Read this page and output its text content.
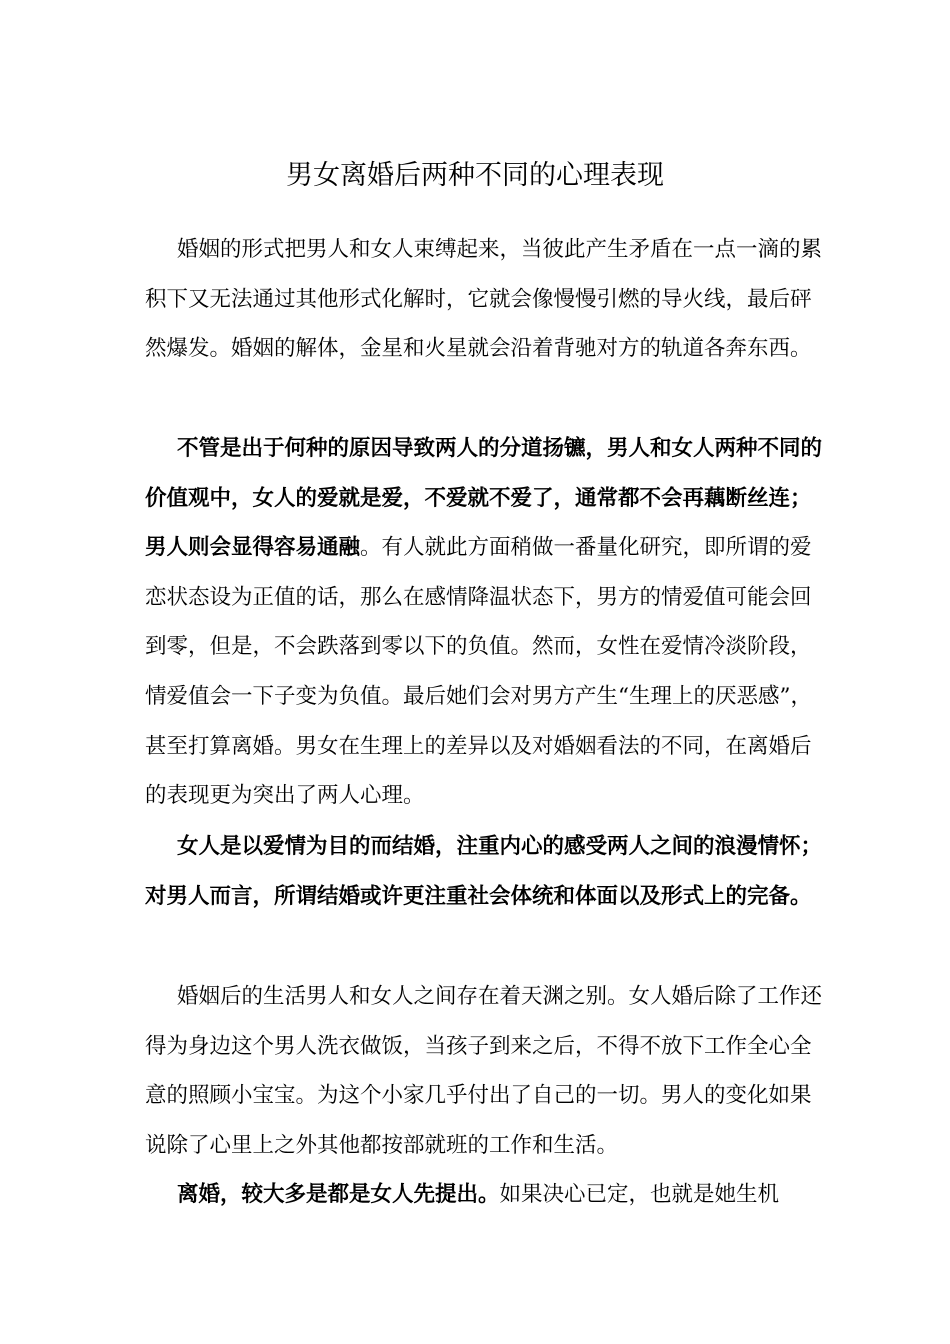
男女离婚后两种不同的心理表现

婚姻的形式把男人和女人束缚起来，当彼此产生矛盾在一点一滴的累积下又无法通过其他形式化解时，它就会像慢慢引燃的导火线，最后砰然爆发。婚姻的解体，金星和火星就会沿着背驰对方的轨道各奔东西。

不管是出于何种的原因导致两人的分道扬镳，男人和女人两种不同的价值观中，女人的爱就是爱，不爱就不爱了，通常都不会再藕断丝连；男人则会显得容易通融。有人就此方面稍做一番量化研究，即所谓的爱恋状态设为正值的话，那么在感情降温状态下，男方的情爱值可能会回到零，但是，不会跌落到零以下的负值。然而，女性在爱情冷淡阶段，情爱值会一下子变为负值。最后她们会对男方产生“生理上的厌恶感”，甚至打算离婚。男女在生理上的差异以及对婚姻看法的不同，在离婚后的表现更为突出了两人心理。

女人是以爱情为目的而结婚，注重内心的感受两人之间的浪漫情怀；对男人而言，所谓结婚或许更注重社会体统和体面以及形式上的完备。

婚姻后的生活男人和女人之间存在着天渊之别。女人婚后除了工作还得为身边这个男人洗衣做饭，当孩子到来之后，不得不放下工作全心全意的照顾小宝宝。为这个小家几乎付出了自己的一切。男人的变化如果说除了心里上之外其他都按部就班的工作和生活。

离婚，较大多是都是女人先提出。如果决心已定，也就是她生机
